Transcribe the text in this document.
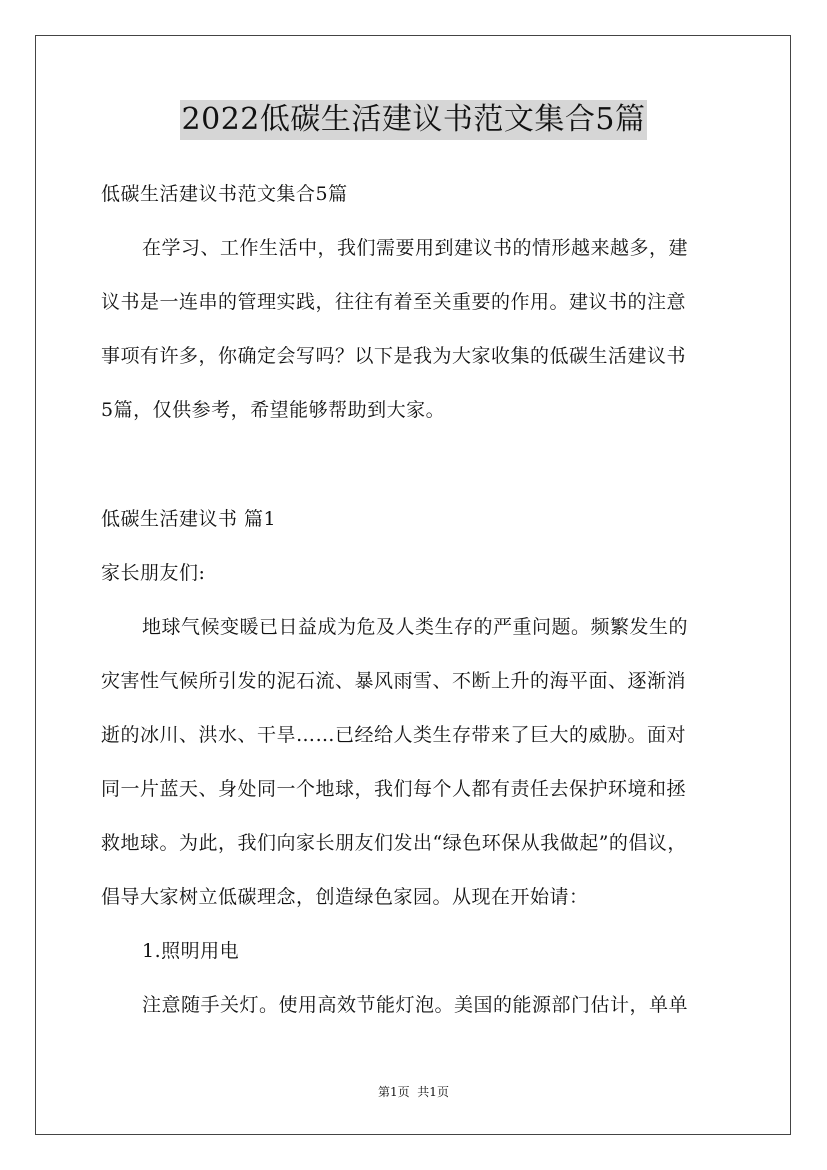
2022低碳生活建议书范文集合5篇
低碳生活建议书范文集合5篇
在学习、工作生活中，我们需要用到建议书的情形越来越多，建
议书是一连串的管理实践，往往有着至关重要的作用。建议书的注意
事项有许多，你确定会写吗？以下是我为大家收集的低碳生活建议书
5篇，仅供参考，希望能够帮助到大家。
低碳生活建议书 篇1
家长朋友们:
地球气候变暖已日益成为危及人类生存的严重问题。频繁发生的
灾害性气候所引发的泥石流、暴风雨雪、不断上升的海平面、逐渐消
逝的冰川、洪水、干旱……已经给人类生存带来了巨大的威胁。面对
同一片蓝天、身处同一个地球，我们每个人都有责任去保护环境和拯
救地球。为此，我们向家长朋友们发出“绿色环保从我做起”的倡议，
倡导大家树立低碳理念，创造绿色家园。从现在开始请：
1.照明用电
注意随手关灯。使用高效节能灯泡。美国的能源部门估计，单单
第1页  共1页
